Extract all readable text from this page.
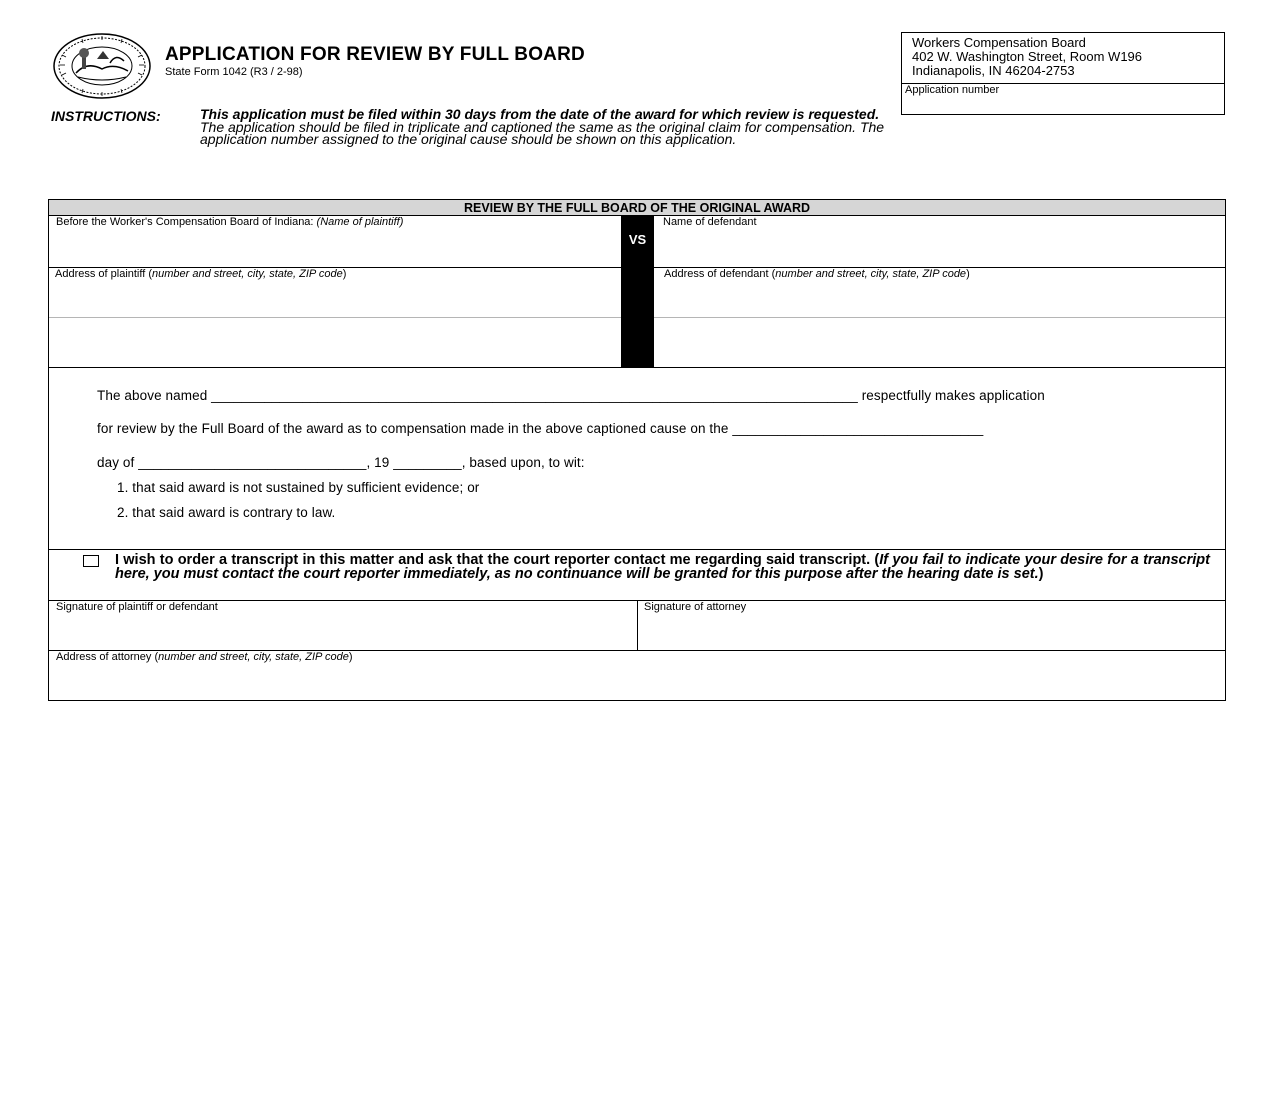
APPLICATION FOR REVIEW BY FULL BOARD
State Form 1042 (R3 / 2-98)
Workers Compensation Board
402 W. Washington Street, Room W196
Indianapolis, IN 46204-2753
Application number
INSTRUCTIONS:	This application must be filed within 30 days from the date of the award for which review is requested.
The application should be filed in triplicate and captioned the same as the original claim for compensation. The application number assigned to the original cause should be shown on this application.
REVIEW BY THE FULL BOARD OF THE ORIGINAL AWARD
VS
Before the Worker's Compensation Board of Indiana: (Name of plaintiff)	Name of defendant
Address of plaintiff (number and street, city, state, ZIP code)	Address of defendant (number and street, city, state, ZIP code)
The above named _____________________________________________________________________________________ respectfully makes application
for review by the Full Board of the award as to compensation made in the above captioned cause on the _________________________________
day of ______________________________, 19 _________, based upon, to wit:
1. that said award is not sustained by sufficient evidence; or
2. that said award is contrary to law.
I wish to order a transcript in this matter and ask that the court reporter contact me regarding said transcript. (If you fail to indicate your desire for a transcript here, you must contact the court reporter immediately, as no continuance will be granted for this purpose after the hearing date is set.)
Signature of plaintiff or defendant	Signature of attorney
Address of attorney (number and street, city, state, ZIP code)
